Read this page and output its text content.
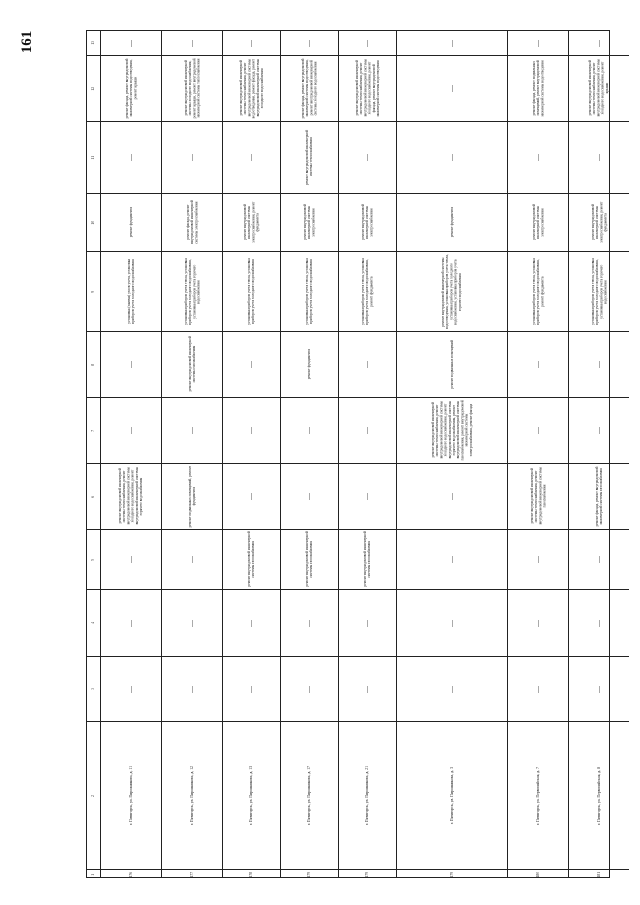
161
1
2
3
4
5
6
7
8
9
10
11
12
13
176
г. Пятигорск, ул. Пирожникова, д. 11
—
—
—
ремонт внутридомовой инженерной системы теплоснабжения, ремонт внутридомовой инженерной системы холодного водоснабжения, ремонт внутридомовой инженерной системы горячего водоснабжения
—
—
установка (замена) узлов учета, установка приборов учета холодного водоснабжения
ремонт фундамента
—
ремонт фасада, ремонт внутридомовой инженерной системы водоотведения, ремонт крыши
—
177
г. Пятигорск, ул. Пирожникова, д. 12
—
—
—
ремонт подвальных помещений, ремонт фундамента
—
ремонт внутридомовой инженерной системы газоснабжения
установка приборов учета тепла, установка приборов учета холодного водоснабжения, установка приборов учета горячего водоснабжения
ремонт фасада, ремонт внутридомовой инженерной системы электроснабжения
—
ремонт внутридомовой инженерной системы холодного водоснабжения, ремонт крыши, ремонт внутридомовой инженерной системы теплоснабжения
—
178
г. Пятигорск, ул. Пирожникова, д. 13
—
—
ремонт внутридомовой инженерной системы газоснабжения
—
—
—
установка приборов учета тепла, установка приборов учета холодного водоснабжения
ремонт внутридомовой инженерной системы электроснабжения, ремонт фундамента
—
ремонт внутридомовой инженерной системы теплоснабжения, ремонт внутридомовой инженерной системы водоотведения, ремонт фасада, ремонт внутридомовой инженерной системы холодного водоснабжения
—
179
г. Пятигорск, ул. Пирожникова, д. 17
—
—
ремонт внутридомовой инженерной системы газоснабжения
—
—
ремонт фундамента
установка приборов учета тепла, установка приборов учета холодного водоснабжения
ремонт внутридомовой инженерной системы электроснабжения
ремонт внутридомовой инженерной системы теплоснабжения
ремонт фасада, ремонт внутридомовой инженерной системы водоотведения, ремонт внутридомовой инженерной системы холодного водоснабжения
—
179
г. Пятигорск, ул. Пирожникова, д. 21
—
—
ремонт внутридомовой инженерной системы газоснабжения
—
—
—
установка приборов учета тепла, установка приборов учета холодного водоснабжения, ремонт фундамента
ремонт внутридомовой инженерной системы электроснабжения
—
ремонт внутридомовой инженерной системы теплоснабжения, ремонт внутридомовой инженерной системы холодного водоснабжения, ремонт фасада, ремонт внутридомовой инженерной системы водоотведения
—
179
г. Пятигорск, ул. Пирожникова, д. 3
—
—
—
—
ремонт внутридомовой инженерной системы теплоснабжения, ремонт внутридомовой инженерной системы холодного водоснабжения, ремонт внутридомовой инженерной системы горячего водоснабжения, ремонт внутридомовой инженерной системы газоснабжения, ремонт внутридомовой инженерной системы электроснабжения, ремонт фасада
ремонт подвальных помещений
ремонт внутридомовой инженерной системы водоотведения, установка приборов учета тепла, установка приборов учета холодного водоснабжения, установка приборов учета горячего водоснабжения
ремонт фундамента
—
—
—
180
г. Пятигорск, ул. Первомайская, д. 7
—
—
—
ремонт внутридомовой инженерной системы теплоснабжения, ремонт внутридомовой инженерной системы газоснабжения
—
—
установка приборов учета тепла, установка приборов учета холодного водоснабжения, ремонт фундамента
ремонт внутридомовой инженерной системы электроснабжения
—
ремонт фасада, ремонт подвальных помещений, ремонт внутридомовой инженерной системы водоотведения
—
181
г. Пятигорск, ул. Первомайская, д. 8
—
—
—
ремонт фасада, ремонт внутридомовой инженерной системы газоснабжения
—
—
установка приборов учета тепла, установка приборов учета холодного водоснабжения, установка приборов учета горячего водоснабжения
ремонт внутридомовой инженерной системы электроснабжения, ремонт фундамента
—
ремонт внутридомовой инженерной системы теплоснабжения, ремонт внутридомовой инженерной системы холодного водоснабжения, ремонт крыши
—
